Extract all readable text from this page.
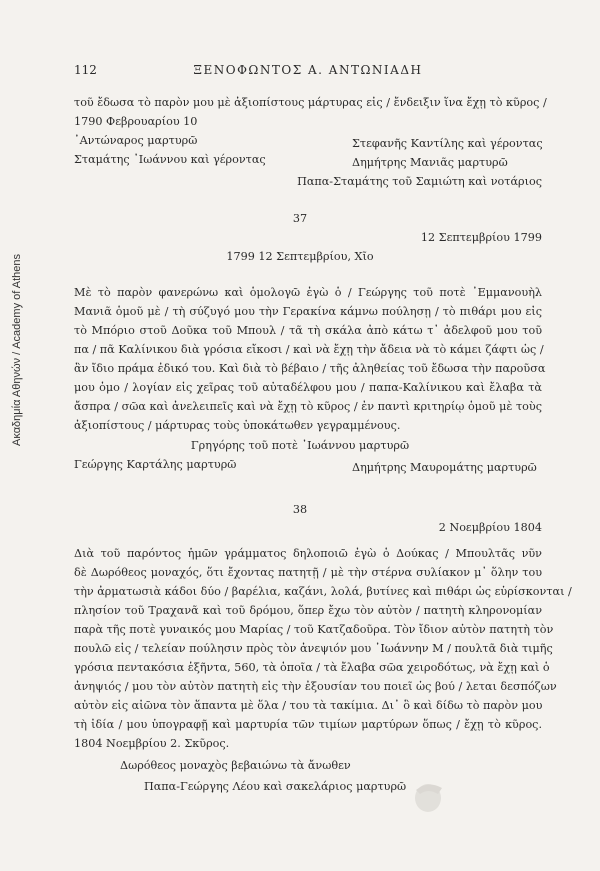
Ακαδημία Αθηνών / Academy of Athens
112	ΞΕΝΟΦΩΝΤΟΣ Α. ΑΝΤΩΝΙΑΔΗ
τοῦ ἔδωσα τὸ παρὸν μου μὲ ἀξιοπίστους μάρτυρας εἰς / ἔνδειξιν ἵνα ἔχῃ τὸ κῦρος /
1790 Φεβρουαρίου 10
᾿Αντώναρος μαρτυρῶ	Στεφανῆς Καντίλης καὶ γέροντας
Σταμάτης ᾿Ιωάννου καὶ γέροντας	Δημήτρης Μανιᾶς μαρτυρῶ
Παπα-Σταμάτης τοῦ Σαμιώτη καὶ νοτάριος
37
12 Σεπτεμβρίου 1799
1799 12 Σεπτεμβρίου, Χῖο
Μὲ τὸ παρὸν φανερώνω καὶ ὁμολογῶ ἐγὼ ὁ / Γεώργης τοῦ ποτὲ ᾿Εμμανουὴλ
Μανιᾶ ὁμοῦ μὲ / τὴ σύζυγό μου τὴν Γερακίνα κάμνω πούλησῃ / τὸ πιθάρι μου εἰς
τὸ Μπόριο στοῦ Δοῦκα τοῦ Μπουλ / τᾶ τὴ σκάλα ἀπὸ κάτω τ᾿ ἀδελφοῦ μου τοῦ
πα / πᾶ Καλίνικου διὰ γρόσια εἴκοσι / καὶ νὰ ἔχῃ τὴν ἄδεια νὰ τὸ κάμει ζάφτι ὡς /
ἂν ἴδιο πράμα ἐδικό του. Καὶ διὰ τὸ βέβαιο / τῆς ἀληθείας τοῦ ἔδωσα τὴν παροῦσα
μου ὁμο / λογίαν εἰς χεῖρας τοῦ αὐταδέλφου μου / παπα-Καλίνικου καὶ ἔλαβα τὰ
ἄσπρα / σῶα καὶ ἀνελειπεῖς καὶ νὰ ἔχῃ τὸ κῦρος / ἐν παντὶ κριτηρίῳ ὁμοῦ μὲ τοὺς
ἀξιοπίστους / μάρτυρας τοὺς ὑποκάτωθεν γεγραμμένους.
Γρηγόρης τοῦ ποτὲ ᾿Ιωάννου μαρτυρῶ
Γεώργης Καρτάλης μαρτυρῶ	Δημήτρης Μαυρομάτης μαρτυρῶ
38
2 Νοεμβρίου 1804
Διὰ τοῦ παρόντος ἡμῶν γράμματος δηλοποιῶ ἐγὼ ὁ Δούκας / Μπουλτᾶς νῦν
δὲ Δωρόθεος μοναχός, ὅτι ἔχοντας πατητῇ / μὲ τὴν στέρνα συλίακον μ᾿ ὅλην του
τὴν ἀρματωσιὰ κάδοι δύο / βαρέλια, καζάνι, λολά, βυτίνες καὶ πιθάρι ὡς εὑρίσκονται /
πλησίον τοῦ Τραχανᾶ καὶ τοῦ δρόμου, ὅπερ ἔχω τὸν αὐτὸν / πατητὴ κληρονομίαν
παρὰ τῆς ποτὲ γυναικός μου Μαρίας / τοῦ Κατζαδοῦρα. Τὸν ἴδιον αὐτὸν πατητὴ τὸν
πουλῶ εἰς / τελείαν πούλησιν πρὸς τὸν ἀνεψιόν μου ᾿Ιωάννην Μ / πουλτᾶ διὰ τιμῆς
γρόσια πεντακόσια ἑξῆντα, 560, τὰ ὁποῖα / τὰ ἔλαβα σῶα χειροδότως, νὰ ἔχῃ καὶ ὁ
ἀνηψιός / μου τὸν αὐτὸν πατητὴ εἰς τὴν ἐξουσίαν του ποιεῖ ὡς βού / λεται δεσπόζων
αὐτὸν εἰς αἰῶνα τὸν ἅπαντα μὲ ὅλα / του τὰ τακίμια. Δι᾿ ὃ καὶ δίδω τὸ παρὸν μου
τὴ ἰδία / μου ὑπογραφῇ καὶ μαρτυρία τῶν τιμίων μαρτύρων ὅπως / ἔχῃ τὸ κῦρος.
1804 Νοεμβρίου 2. Σκῦρος.
Δωρόθεος μοναχὸς βεβαιώνω τὰ ἄνωθεν
Παπα-Γεώργης Λέου καὶ σακελάριος μαρτυρῶ
